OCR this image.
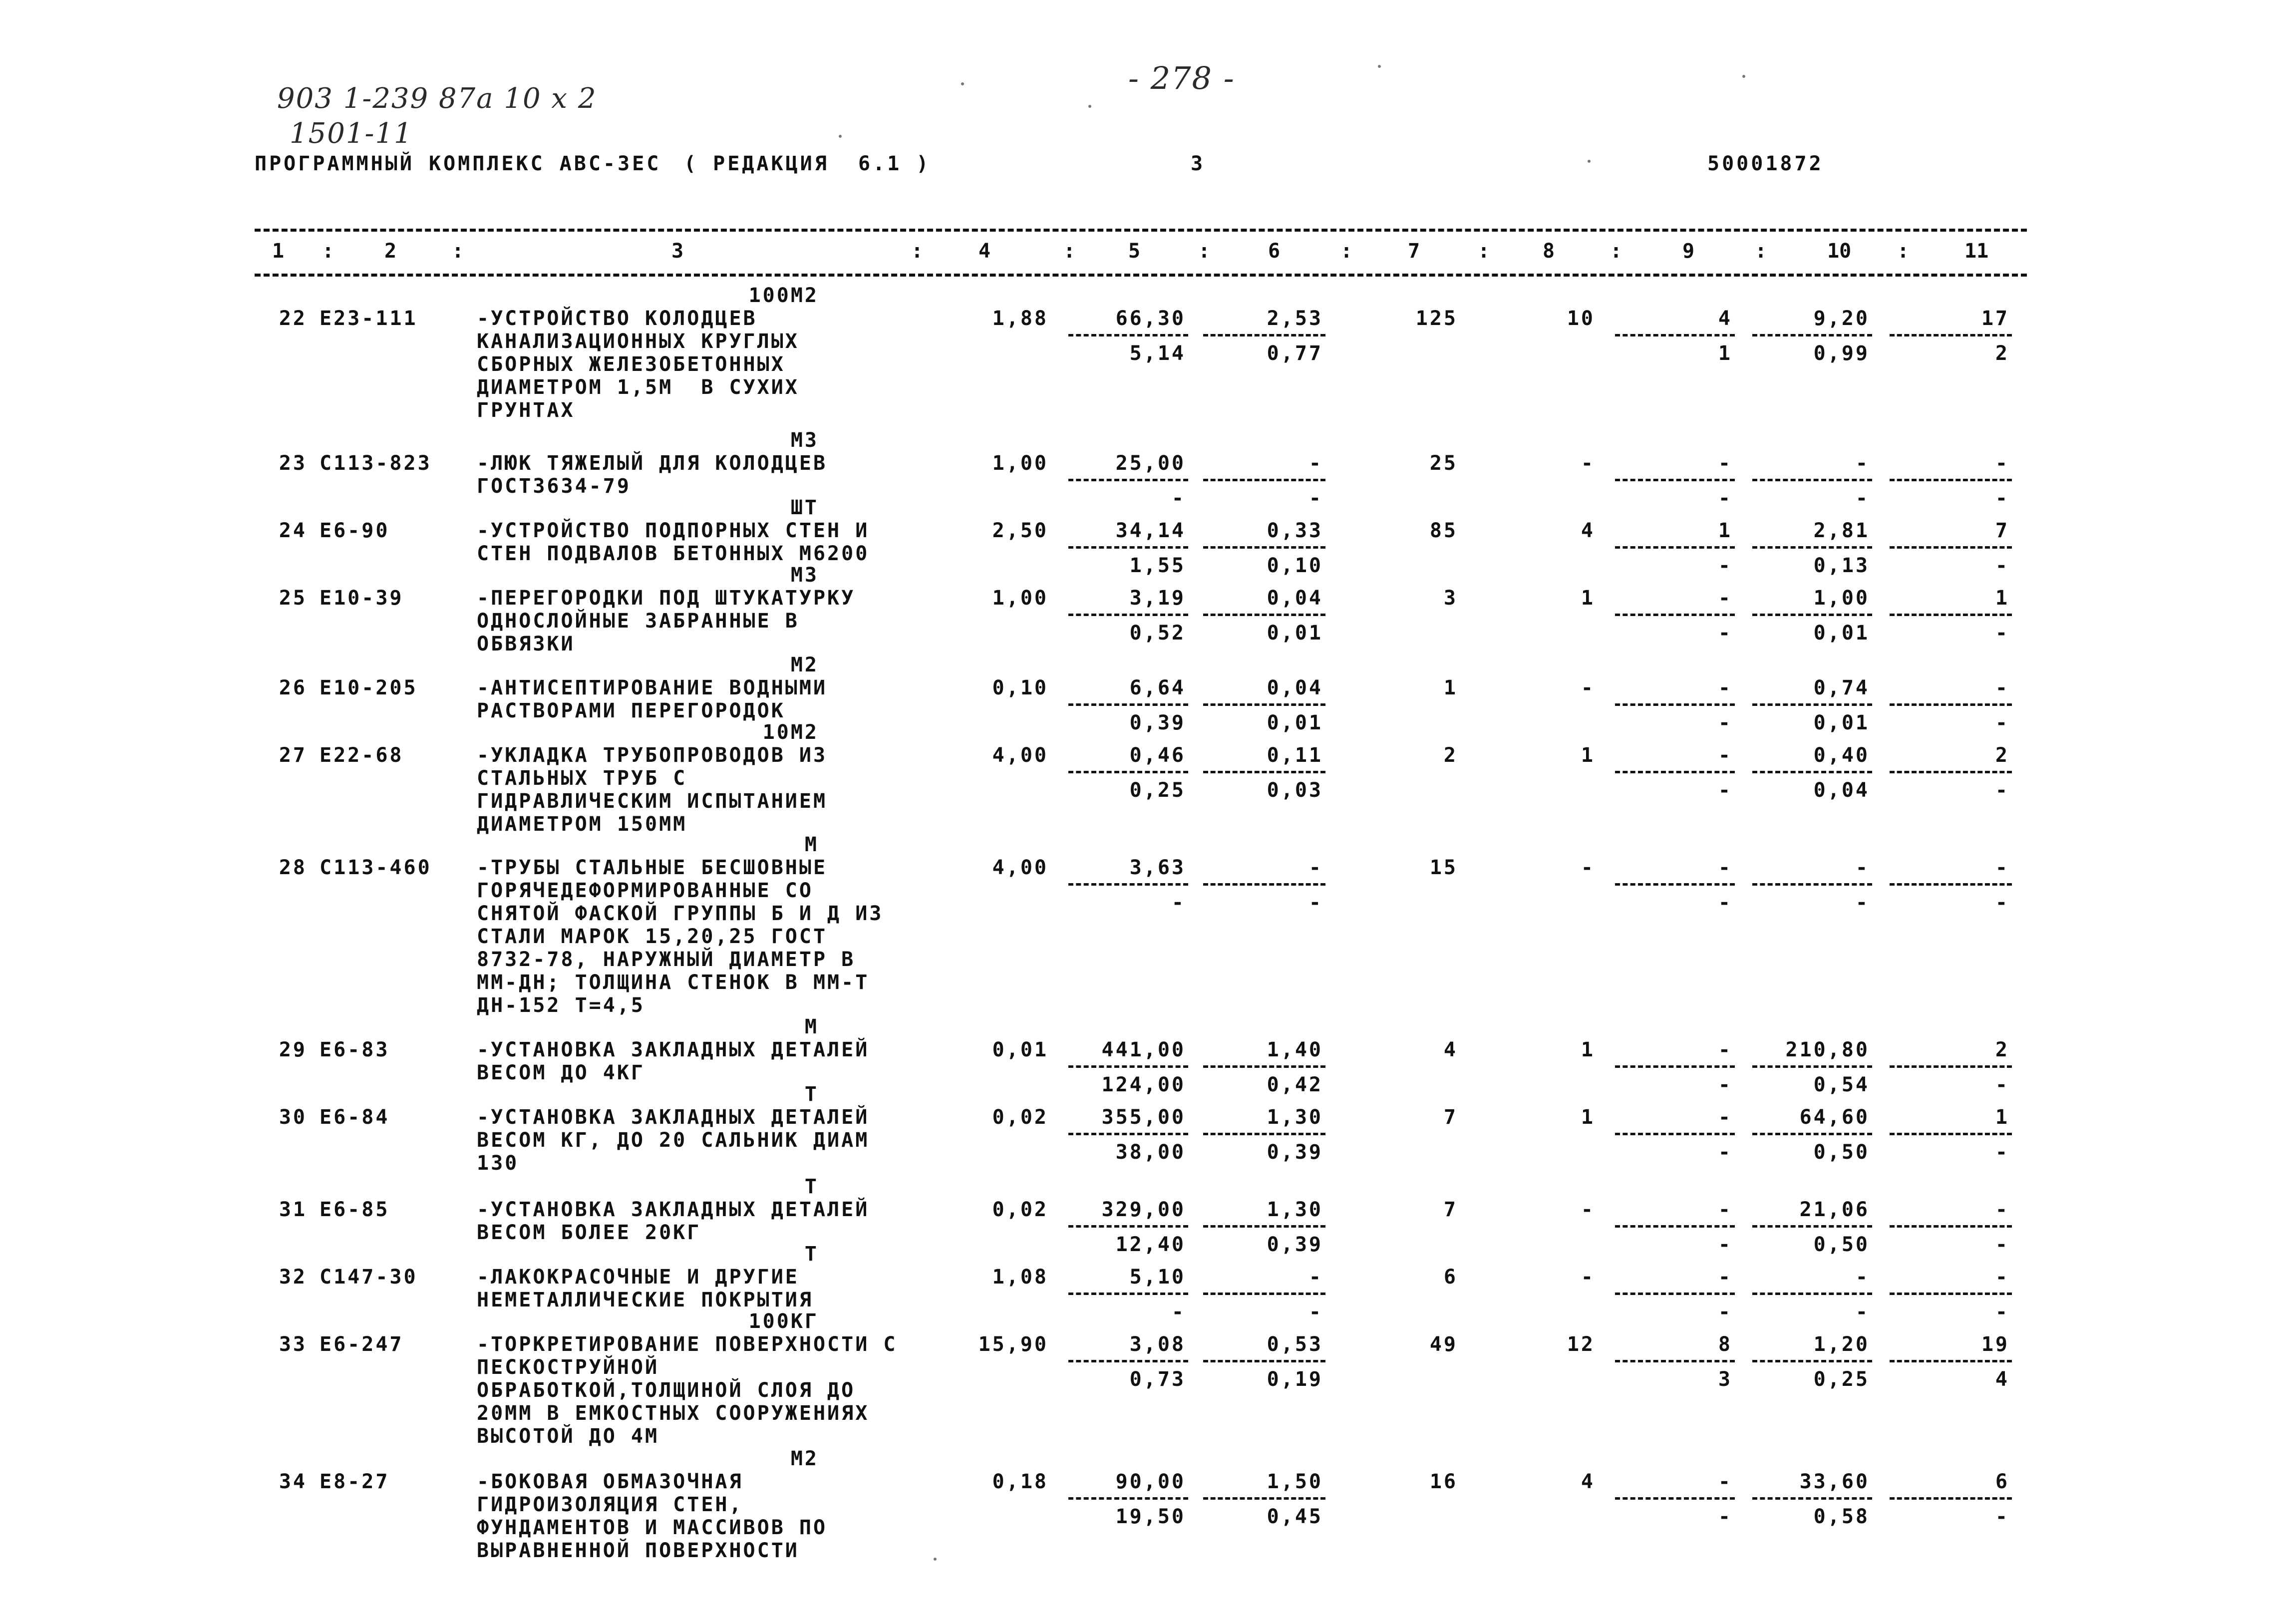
903 1-239 87а 10 х 2
1501-11
- 278 -
ПРОГРАММНЫЙ КОМПЛЕКС АВС-3ЕС ( РЕДАКЦИЯ  6.1 )	3	50001872
1	2	3	4	5	6	7	8	9	10	11
:	:	:	:	:	:	:	:	:	:
100М2
22 Е23-111	-УСТРОЙСТВО КОЛОДЦЕВ
КАНАЛИЗАЦИОННЫХ КРУГЛЫХ
СБОРНЫХ ЖЕЛЕЗОБЕТОННЫХ
ДИАМЕТРОМ 1,5М  В СУХИХ
ГРУНТАХ
1,88	66,30	2,53	125	10	4	9,20	17
5,14	0,77	1	0,99	2
М3
23 С113-823 -ЛЮК ТЯЖЕЛЫЙ ДЛЯ КОЛОДЦЕВ
ГОСТ3634-79
1,00	25,00	-	25	-	-	-	-
-	-	-	-	-
ШТ
24 Е6-90	-УСТРОЙСТВО ПОДПОРНЫХ СТЕН И
СТЕН ПОДВАЛОВ БЕТОННЫХ М6200
2,50	34,14	0,33	85	4	1	2,81	7
1,55	0,10	-	0,13	-
М3
25 Е10-39	-ПЕРЕГОРОДКИ ПОД ШТУКАТУРКУ
ОДНОСЛОЙНЫЕ ЗАБРАННЫЕ В
ОБВЯЗКИ
1,00	3,19	0,04	3	1	-	1,00	1
0,52	0,01	-	0,01	-
М2
26 Е10-205	-АНТИСЕПТИРОВАНИЕ ВОДНЫМИ
РАСТВОРАМИ ПЕРЕГОРОДОК
0,10	6,64	0,04	1	-	-	0,74	-
0,39	0,01	-	0,01	-
10М2
27 Е22-68	-УКЛАДКА ТРУБОПРОВОДОВ ИЗ
СТАЛЬНЫХ ТРУБ С
ГИДРАВЛИЧЕСКИМ ИСПЫТАНИЕМ
ДИАМЕТРОМ 150ММ
4,00	0,46	0,11	2	1	-	0,40	2
0,25	0,03	-	0,04	-
М
28 С113-460 -ТРУБЫ СТАЛЬНЫЕ БЕСШОВНЫЕ
ГОРЯЧЕДЕФОРМИРОВАННЫЕ СО
СНЯТОЙ ФАСКОЙ ГРУППЫ Б И Д ИЗ
СТАЛИ МАРОК 15,20,25 ГОСТ
8732-78, НАРУЖНЫЙ ДИАМЕТР В
ММ-ДН; ТОЛЩИНА СТЕНОК В ММ-Т
ДН-152 Т=4,5
4,00	3,63	-	15	-	-	-	-
-	-	-	-	-
М
29 Е6-83	-УСТАНОВКА ЗАКЛАДНЫХ ДЕТАЛЕЙ
ВЕСОМ ДО 4КГ
0,01	441,00	1,40	4	1	-	210,80	2
124,00	0,42	-	0,54	-
Т
30 Е6-84	-УСТАНОВКА ЗАКЛАДНЫХ ДЕТАЛЕЙ
ВЕСОМ КГ, ДО 20 САЛЬНИК ДИАМ
130
0,02	355,00	1,30	7	1	-	64,60	1
38,00	0,39	-	0,50	-
Т
31 Е6-85	-УСТАНОВКА ЗАКЛАДНЫХ ДЕТАЛЕЙ
ВЕСОМ БОЛЕЕ 20КГ
0,02	329,00	1,30	7	-	-	21,06	-
12,40	0,39	-	0,50	-
Т
32 С147-30	-ЛАКОКРАСОЧНЫЕ И ДРУГИЕ
НЕМЕТАЛЛИЧЕСКИЕ ПОКРЫТИЯ
1,08	5,10	-	6	-	-	-	-
-	-	-	-	-
100КГ
33 Е6-247	-ТОРКРЕТИРОВАНИЕ ПОВЕРХНОСТИ С
ПЕСКОСТРУЙНОЙ
ОБРАБОТКОЙ,ТОЛЩИНОЙ СЛОЯ ДО
20ММ В ЕМКОСТНЫХ СООРУЖЕНИЯХ
ВЫСОТОЙ ДО 4М
15,90	3,08	0,53	49	12	8	1,20	19
0,73	0,19	3	0,25	4
М2
34 Е8-27	-БОКОВАЯ ОБМАЗОЧНАЯ
ГИДРОИЗОЛЯЦИЯ СТЕН,
ФУНДАМЕНТОВ И МАССИВОВ ПО
ВЫРАВНЕННОЙ ПОВЕРХНОСТИ
0,18	90,00	1,50	16	4	-	33,60	6
19,50	0,45	-	0,58	-
